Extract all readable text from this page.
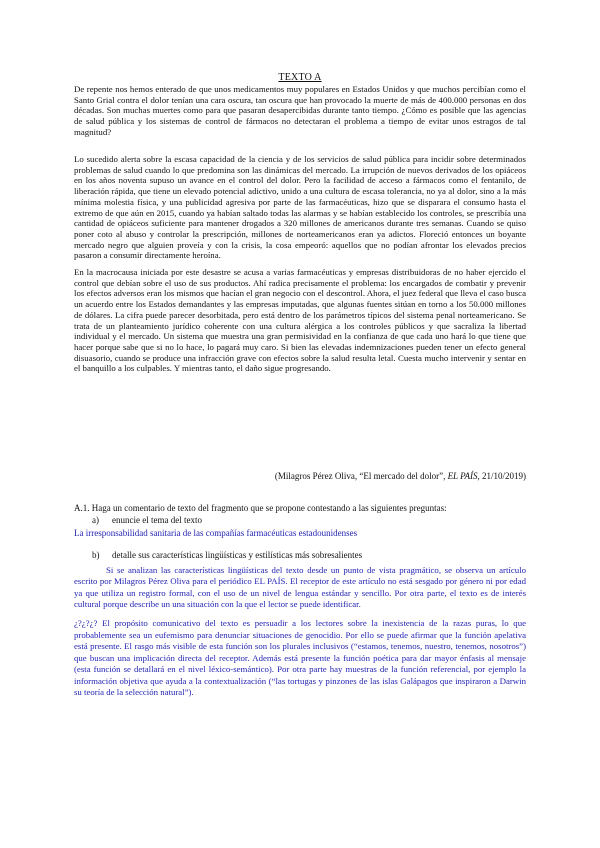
TEXTO A

De repente nos hemos enterado de que unos medicamentos muy populares en Estados Unidos y que muchos percibían como el Santo Grial contra el dolor tenían una cara oscura, tan oscura que han provocado la muerte de más de 400.000 personas en dos décadas. Son muchas muertes como para que pasaran desapercibidas durante tanto tiempo. ¿Cómo es posible que las agencias de salud pública y los sistemas de control de fármacos no detectaran el problema a tiempo de evitar unos estragos de tal magnitud?

Lo sucedido alerta sobre la escasa capacidad de la ciencia y de los servicios de salud pública para incidir sobre determinados problemas de salud cuando lo que predomina son las dinámicas del mercado. La irrupción de nuevos derivados de los opiáceos en los años noventa supuso un avance en el control del dolor. Pero la facilidad de acceso a fármacos como el fentanilo, de liberación rápida, que tiene un elevado potencial adictivo, unido a una cultura de escasa tolerancia, no ya al dolor, sino a la más mínima molestia física, y una publicidad agresiva por parte de las farmacéuticas, hizo que se disparara el consumo hasta el extremo de que aún en 2015, cuando ya habían saltado todas las alarmas y se habían establecido los controles, se prescribía una cantidad de opiáceos suficiente para mantener drogados a 320 millones de americanos durante tres semanas. Cuando se quiso poner coto al abuso y controlar la prescripción, millones de norteamericanos eran ya adictos. Floreció entonces un boyante mercado negro que alguien proveía y con la crisis, la cosa empeoró: aquellos que no podían afrontar los elevados precios pasaron a consumir directamente heroína.

En la macrocausa iniciada por este desastre se acusa a varias farmacéuticas y empresas distribuidoras de no haber ejercido el control que debían sobre el uso de sus productos. Ahí radica precisamente el problema: los encargados de combatir y prevenir los efectos adversos eran los mismos que hacían el gran negocio con el descontrol. Ahora, el juez federal que lleva el caso busca un acuerdo entre los Estados demandantes y las empresas imputadas, que algunas fuentes sitúan en torno a los 50.000 millones de dólares. La cifra puede parecer desorbitada, pero está dentro de los parámetros típicos del sistema penal norteamericano. Se trata de un planteamiento jurídico coherente con una cultura alérgica a los controles públicos y que sacraliza la libertad individual y el mercado. Un sistema que muestra una gran permisividad en la confianza de que cada uno hará lo que tiene que hacer porque sabe que si no lo hace, lo pagará muy caro. Si bien las elevadas indemnizaciones pueden tener un efecto general disuasorio, cuando se produce una infracción grave con efectos sobre la salud resulta letal. Cuesta mucho intervenir y sentar en el banquillo a los culpables. Y mientras tanto, el daño sigue progresando.

(Milagros Pérez Oliva, “El mercado del dolor”, EL PAÍS, 21/10/2019)
A.1. Haga un comentario de texto del fragmento que se propone contestando a las siguientes preguntas:
a) enuncie el tema del texto
La irresponsabilidad sanitaria de las compañías farmacéuticas estadounidenses
b) detalle sus características lingüísticas y estilísticas más sobresalientes

Si se analizan las características lingüísticas del texto desde un punto de vista pragmático, se observa un artículo escrito por Milagros Pérez Oliva para el periódico EL PAÍS. El receptor de este artículo no está sesgado por género ni por edad ya que utiliza un registro formal, con el uso de un nivel de lengua estándar y sencillo. Por otra parte, el texto es de interés cultural porque describe un una situación con la que el lector se puede identificar.

¿?¿?¿? El propósito comunicativo del texto es persuadir a los lectores sobre la inexistencia de la razas puras, lo que probablemente sea un eufemismo para denunciar situaciones de genocidio. Por ello se puede afirmar que la función apelativa está presente. El rasgo más visible de esta función son los plurales inclusivos (“estamos, tenemos, nuestro, tenemos, nosotros”) que buscan una implicación directa del receptor. Además está presente la función poética para dar mayor énfasis al mensaje (esta función se detallará en el nivel léxico-semántico). Por otra parte hay muestras de la función referencial, por ejemplo la información objetiva que ayuda a la contextualización (“las tortugas y pinzones de las islas Galápagos que inspiraron a Darwin su teoría de la selección natural”).
